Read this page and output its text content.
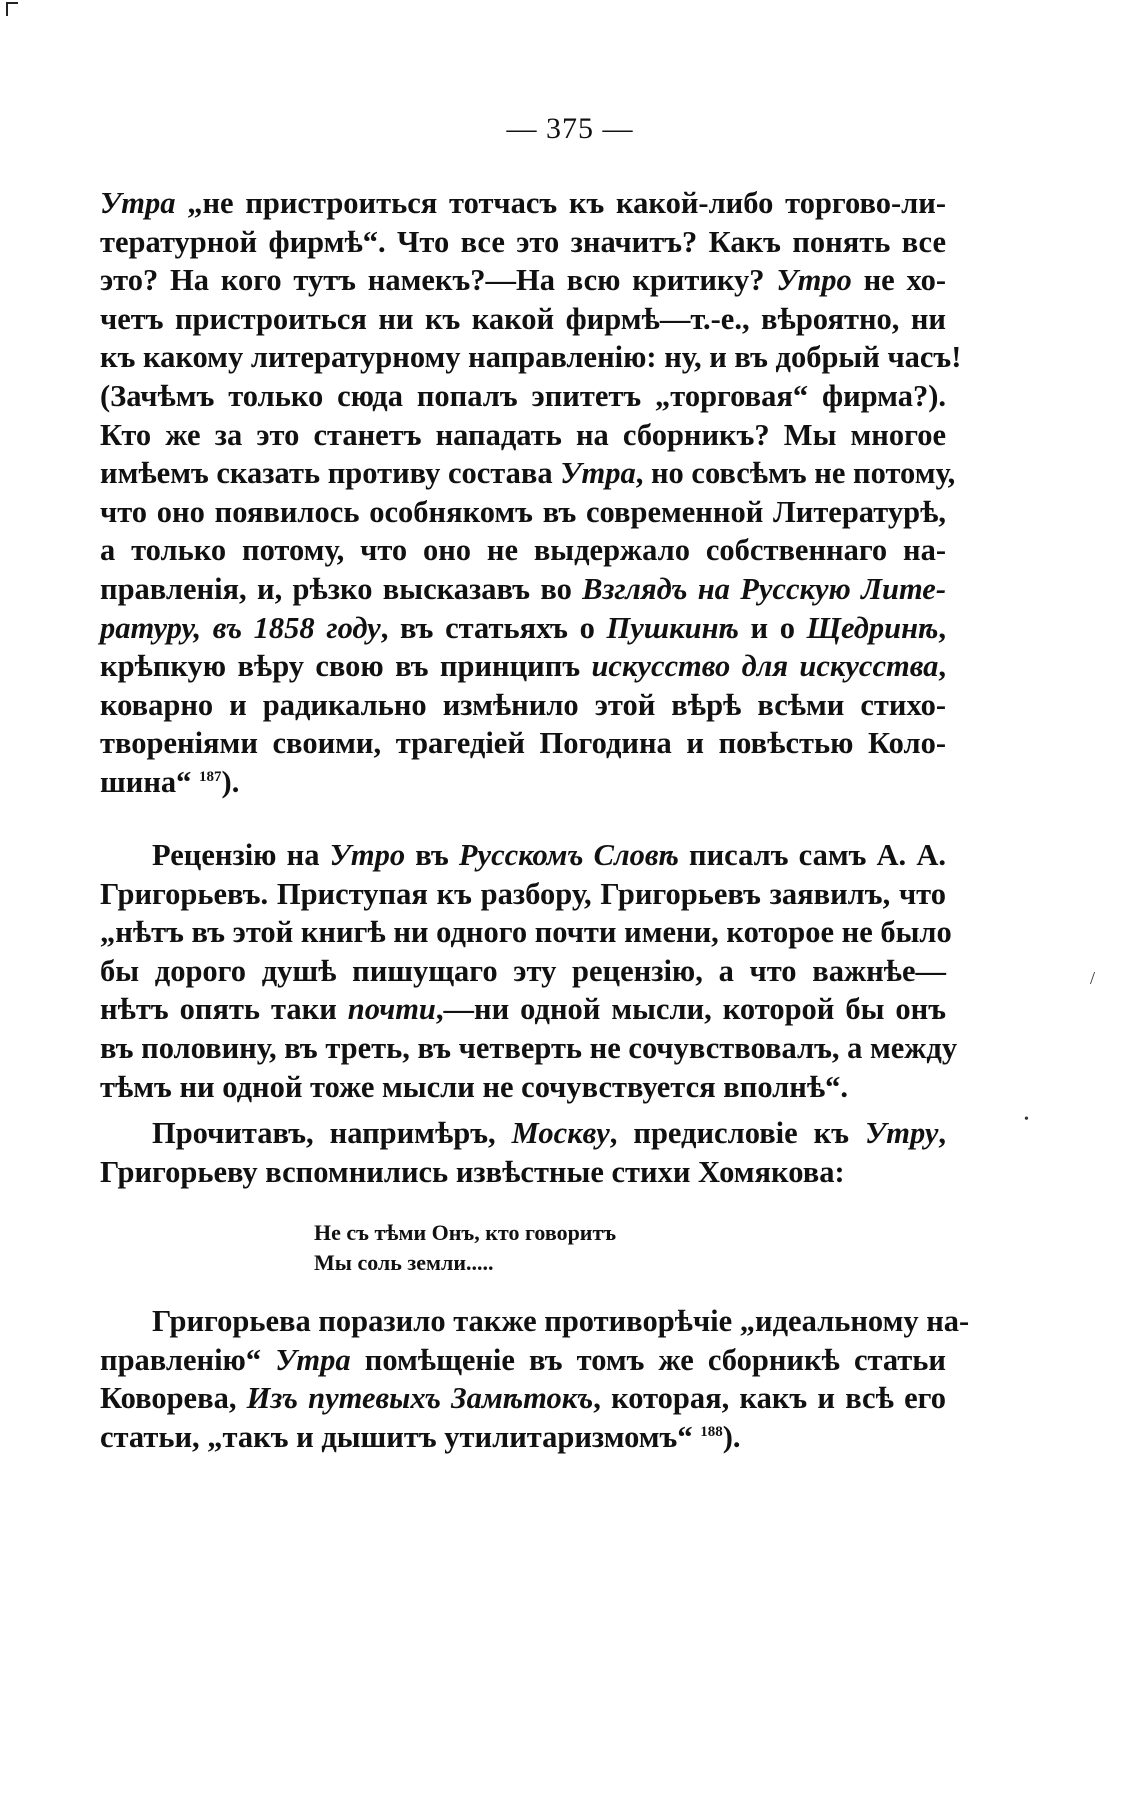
— 375 —
Утра „не пристроиться тотчасъ къ какой-либо торгово-ли-
тературной фирмѣ“. Что все это значитъ? Какъ понять все
это? На кого тутъ намекъ?—На всю критику? Утро не хо-
четъ пристроиться ни къ какой фирмѣ—т.-е., вѣроятно, ни
къ какому литературному направленію: ну, и въ добрый часъ!
(Зачѣмъ только сюда попалъ эпитетъ „торговая“ фирма?).
Кто же за это станетъ нападать на сборникъ? Мы многое
имѣемъ сказать противу состава Утра, но совсѣмъ не потому,
что оно появилось особнякомъ въ современной Литературѣ,
а только потому, что оно не выдержало собственнаго на-
правленія, и, рѣзко высказавъ во Взглядъ на Русскую Лите-
ратуру, въ 1858 году, въ статьяхъ о Пушкинѣ и о Щедринѣ,
крѣпкую вѣру свою въ принципъ искусство для искусства,
коварно и радикально измѣнило этой вѣрѣ всѣми стихо-
твореніями своими, трагедіей Погодина и повѣстью Коло-
шина“ $^{187}$).
Рецензію на Утро въ Русскомъ Словѣ писалъ самъ А. А.
Григорьевъ. Приступая къ разбору, Григорьевъ заявилъ, что
„нѣтъ въ этой книгѣ ни одного почти имени, которое не было
бы дорого душѣ пишущаго эту рецензію, а что важнѣе—
нѣтъ опять таки почти,—ни одной мысли, которой бы онъ
въ половину, въ треть, въ четверть не сочувствовалъ, а между
тѣмъ ни одной тоже мысли не сочувствуется вполнѣ“.
Прочитавъ, напримѣръ, Москву, предисловіе къ Утру,
Григорьеву вспомнились извѣстные стихи Хомякова:
Не съ тѣми Онъ, кто говоритъ
Мы соль земли.....
Григорьева поразило также противорѣчіе „идеальному на-
правленію“ Утра помѣщеніе въ томъ же сборникѣ статьи
Коворева, Изъ путевыхъ Замѣтокъ, которая, какъ и всѣ его
статьи, „такъ и дышитъ утилитаризмомъ“ $^{188}$).
/
•
